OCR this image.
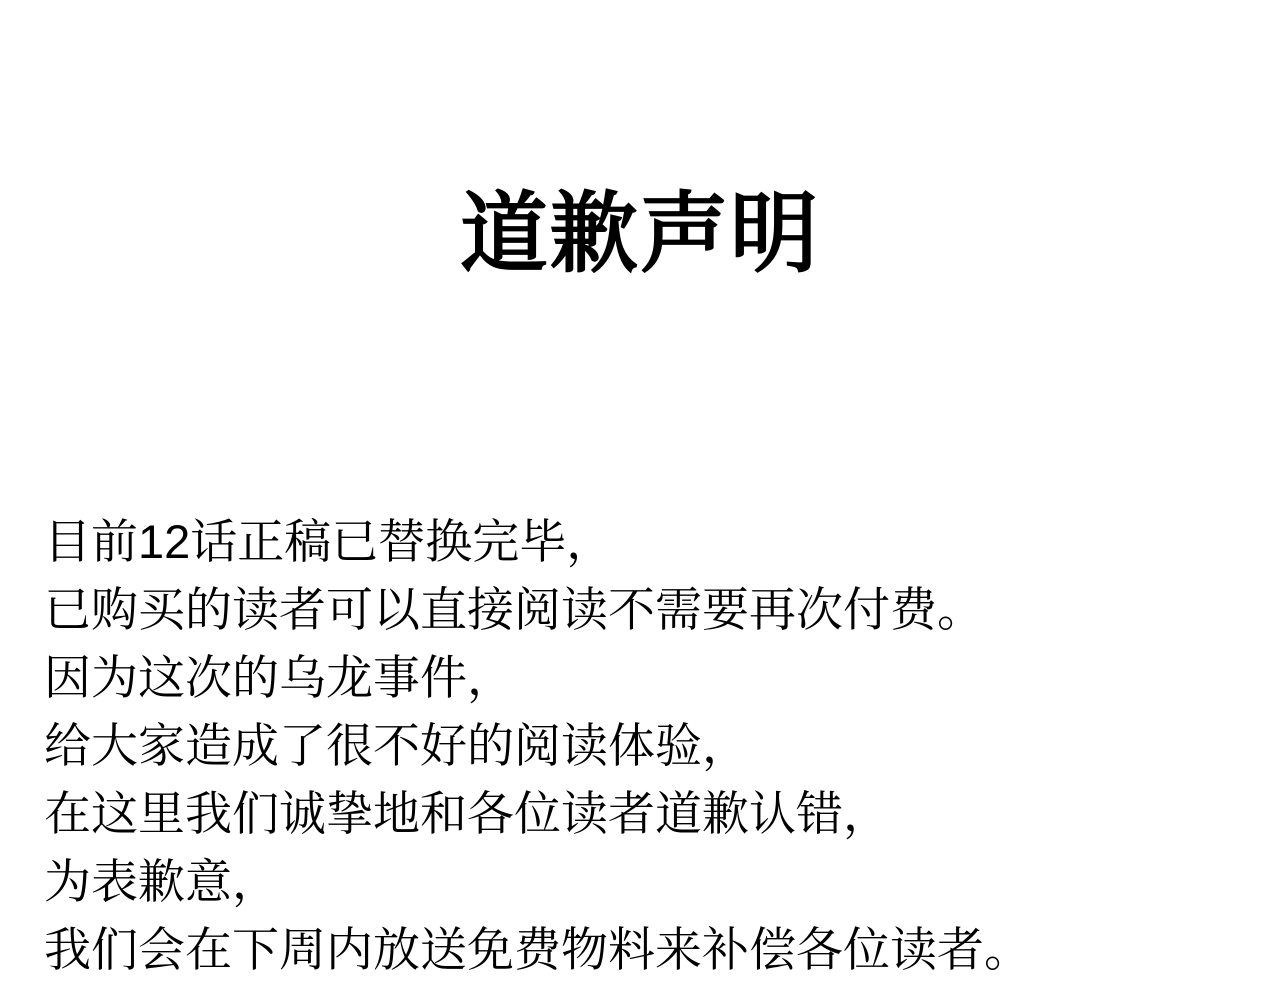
道歉声明
目前12话正稿已替换完毕，
已购买的读者可以直接阅读不需要再次付费。
因为这次的乌龙事件，
给大家造成了很不好的阅读体验，
在这里我们诚挚地和各位读者道歉认错，
为表歉意，
我们会在下周内放送免费物料来补偿各位读者。
